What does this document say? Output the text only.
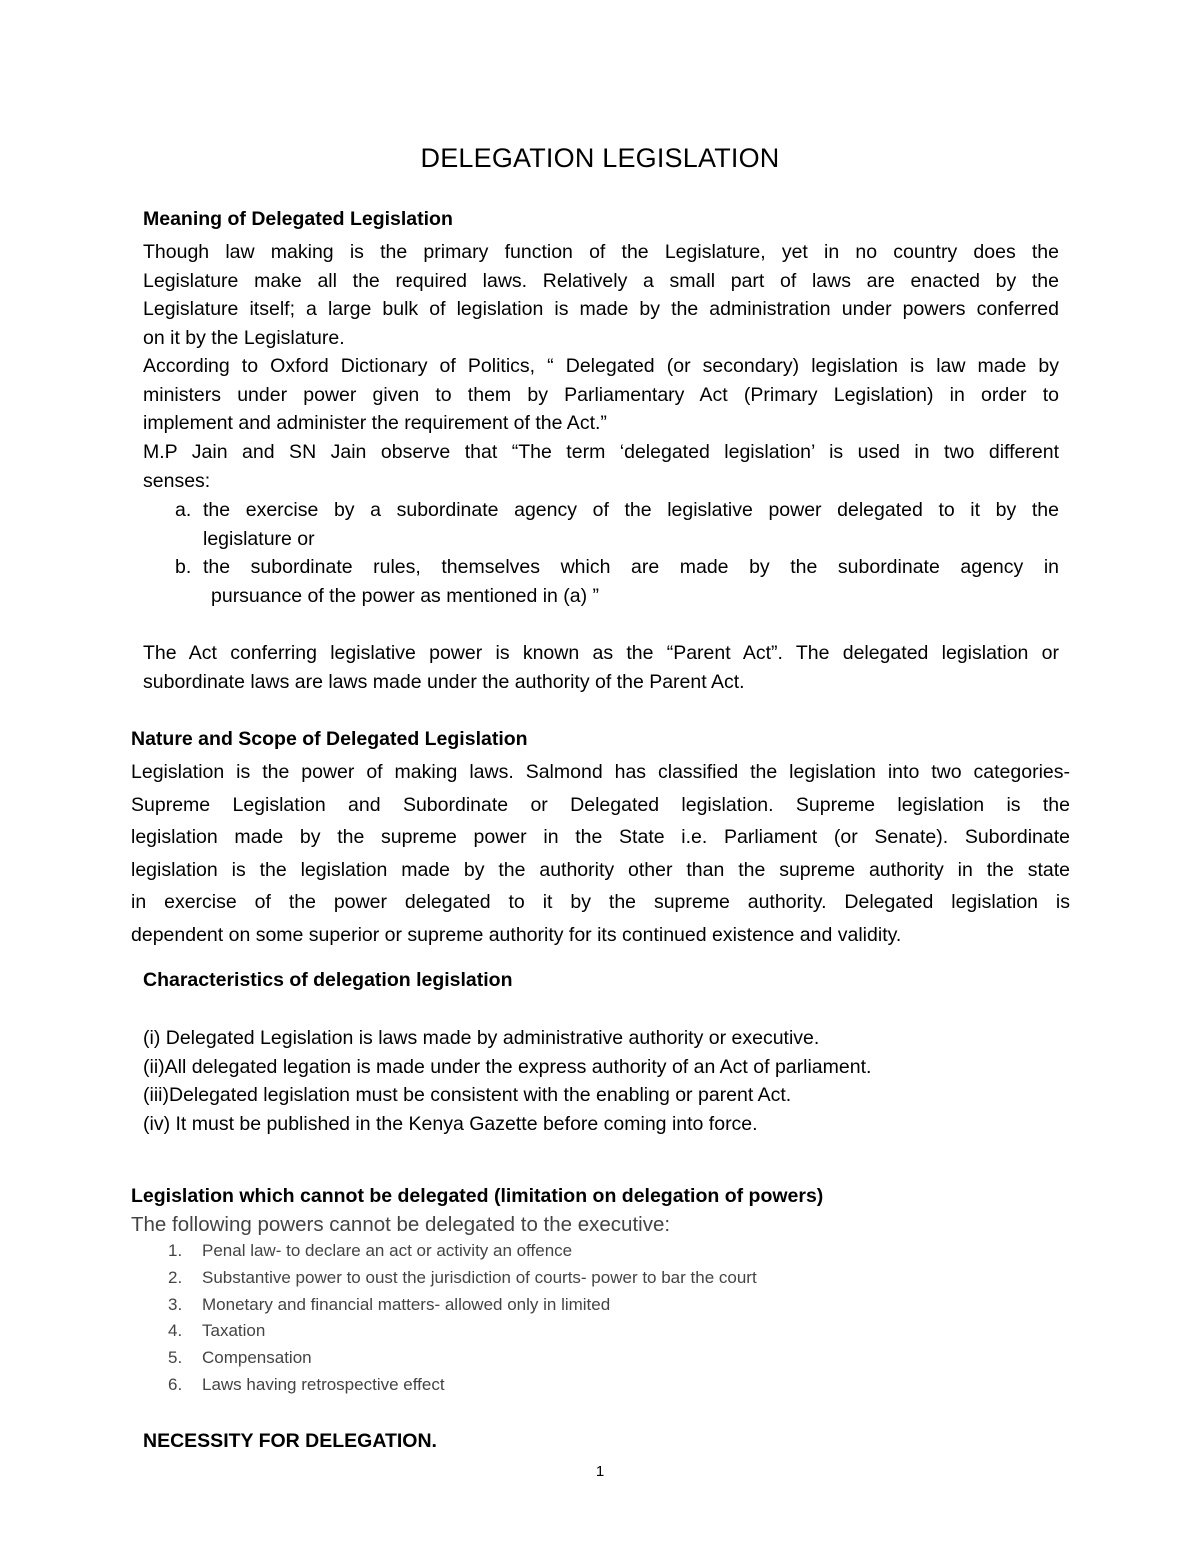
DELEGATION LEGISLATION
Meaning of Delegated Legislation
Though law making is the primary function of the Legislature, yet in no country does the
Legislature make all the required laws. Relatively a small part of laws are enacted by the
Legislature itself; a large bulk of legislation is made by the administration under powers conferred
on it by the Legislature.
According to Oxford Dictionary of Politics, “ Delegated (or secondary) legislation is law made by
ministers under power given to them by Parliamentary Act (Primary Legislation) in order to
implement and administer the requirement of the Act.”
M.P Jain and SN Jain observe that “The term ‘delegated legislation’ is used in two different
senses:
a. the exercise by a subordinate agency of the legislative power delegated to it by the
legislature or
b. the subordinate rules, themselves which are made by the subordinate agency in
pursuance of the power as mentioned in (a) ”
The Act conferring legislative power is known as the “Parent Act”. The delegated legislation or
subordinate laws are laws made under the authority of the Parent Act.
Nature and Scope of Delegated Legislation
Legislation is the power of making laws. Salmond has classified the legislation into two categories-
Supreme Legislation and Subordinate or Delegated legislation. Supreme legislation is the
legislation made by the supreme power in the State i.e. Parliament (or Senate). Subordinate
legislation is the legislation made by the authority other than the supreme authority in the state
in exercise of the power delegated to it by the supreme authority. Delegated legislation is
dependent on some superior or supreme authority for its continued existence and validity.
Characteristics of delegation legislation
(i) Delegated Legislation is laws made by administrative authority or executive.
(ii)All delegated legation is made under the express authority of an Act of parliament.
(iii)Delegated legislation must be consistent with the enabling or parent Act.
(iv) It must be published in the Kenya Gazette before coming into force.
Legislation which cannot be delegated (limitation on delegation of powers)
The following powers cannot be delegated to the executive:
1. Penal law- to declare an act or activity an offence
2. Substantive power to oust the jurisdiction of courts- power to bar the court
3. Monetary and financial matters- allowed only in limited
4. Taxation
5. Compensation
6. Laws having retrospective effect
NECESSITY FOR DELEGATION.
1
